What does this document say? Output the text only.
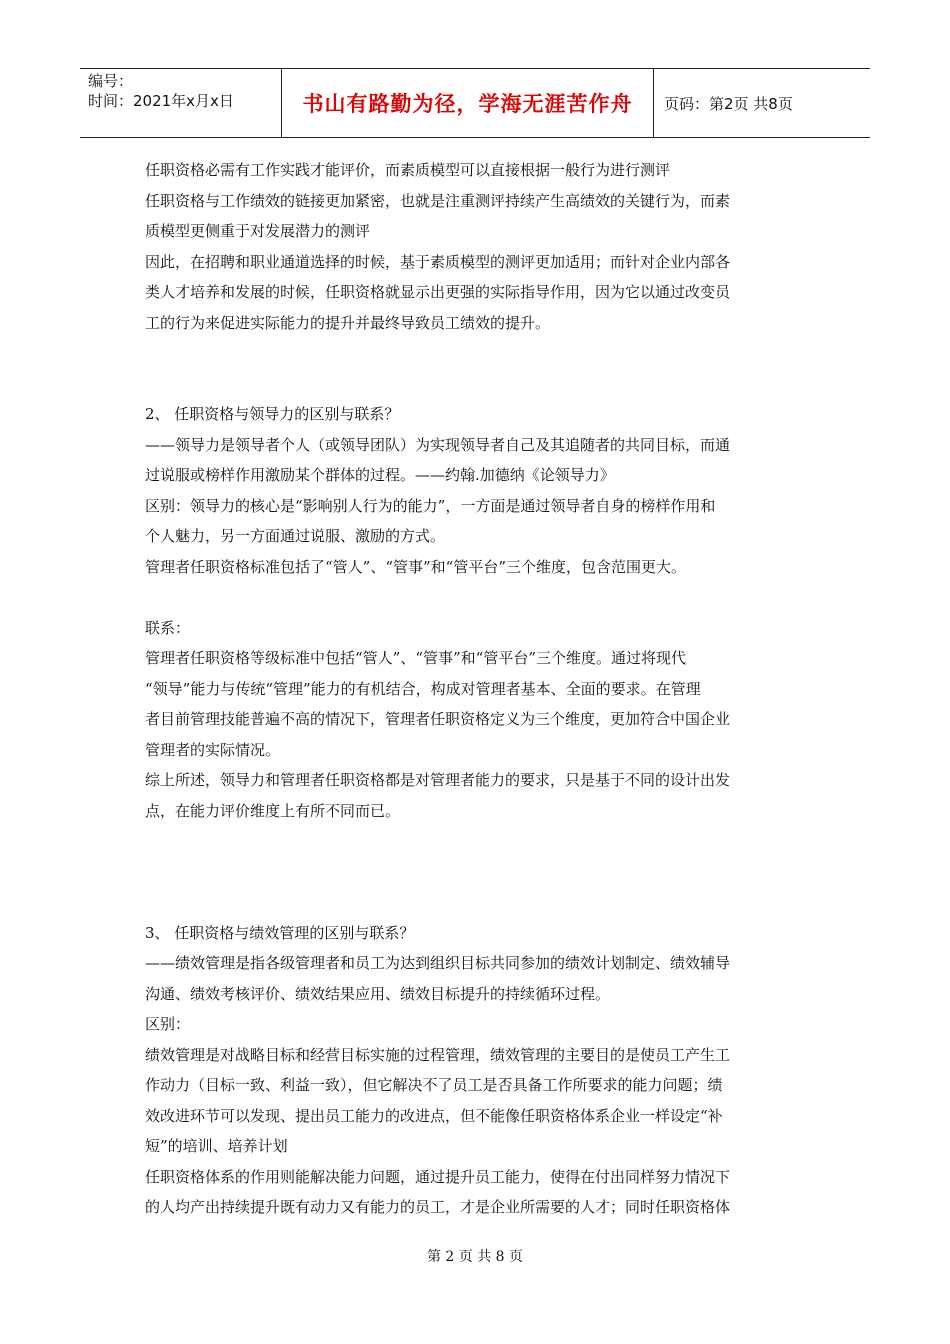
编号：
时间：2021年x月x日	书山有路勤为径，学海无涯苦作舟 页码：第2页 共8页
任职资格必需有工作实践才能评价，而素质模型可以直接根据一般行为进行测评
任职资格与工作绩效的链接更加紧密，也就是注重测评持续产生高绩效的关键行为，而素
质模型更侧重于对发展潜力的测评
因此，在招聘和职业通道选择的时候，基于素质模型的测评更加适用；而针对企业内部各
类人才培养和发展的时候，任职资格就显示出更强的实际指导作用，因为它以通过改变员
工的行为来促进实际能力的提升并最终导致员工绩效的提升。
2、 任职资格与领导力的区别与联系？
——领导力是领导者个人（或领导团队）为实现领导者自己及其追随者的共同目标，而通
过说服或榜样作用激励某个群体的过程。——约翰.加德纳《论领导力》
区别：领导力的核心是“影响别人行为的能力”，一方面是通过领导者自身的榜样作用和
个人魅力，另一方面通过说服、激励的方式。
管理者任职资格标准包括了“管人”、“管事”和“管平台”三个维度，包含范围更大。
联系：
管理者任职资格等级标准中包括“管人”、“管事”和“管平台”三个维度。通过将现代
“领导”能力与传统“管理”能力的有机结合，构成对管理者基本、全面的要求。在管理
者目前管理技能普遍不高的情况下，管理者任职资格定义为三个维度，更加符合中国企业
管理者的实际情况。
综上所述，领导力和管理者任职资格都是对管理者能力的要求，只是基于不同的设计出发
点，在能力评价维度上有所不同而已。
3、 任职资格与绩效管理的区别与联系？
——绩效管理是指各级管理者和员工为达到组织目标共同参加的绩效计划制定、绩效辅导
沟通、绩效考核评价、绩效结果应用、绩效目标提升的持续循环过程。
区别：
绩效管理是对战略目标和经营目标实施的过程管理，绩效管理的主要目的是使员工产生工
作动力（目标一致、利益一致），但它解决不了员工是否具备工作所要求的能力问题；绩
效改进环节可以发现、提出员工能力的改进点，但不能像任职资格体系企业一样设定“补
短”的培训、培养计划
任职资格体系的作用则能解决能力问题，通过提升员工能力，使得在付出同样努力情况下
的人均产出持续提升既有动力又有能力的员工，才是企业所需要的人才；同时任职资格体
第 2 页 共 8 页
